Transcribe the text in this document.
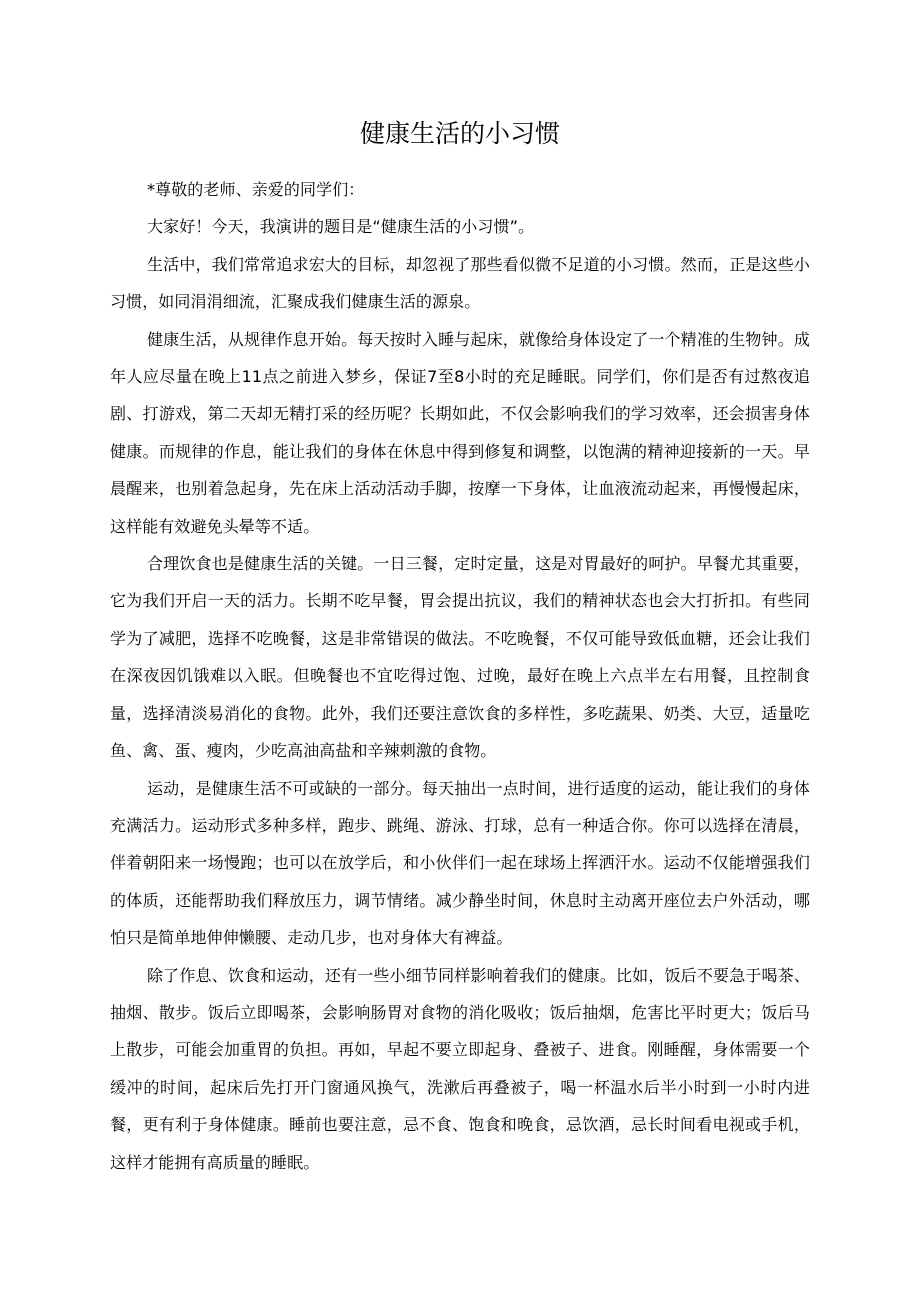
健康生活的小习惯

*尊敬的老师、亲爱的同学们：

大家好！今天，我演讲的题目是“健康生活的小习惯”。

生活中，我们常常追求宏大的目标，却忽视了那些看似微不足道的小习惯。然而，正是这些小习惯，如同涓涓细流，汇聚成我们健康生活的源泉。

健康生活，从规律作息开始。每天按时入睡与起床，就像给身体设定了一个精准的生物钟。成年人应尽量在晚上11点之前进入梦乡，保证7至8小时的充足睡眠。同学们，你们是否有过熬夜追剧、打游戏，第二天却无精打采的经历呢？长期如此，不仅会影响我们的学习效率，还会损害身体健康。而规律的作息，能让我们的身体在休息中得到修复和调整，以饱满的精神迎接新的一天。早晨醒来，也别着急起身，先在床上活动活动手脚，按摩一下身体，让血液流动起来，再慢慢起床，这样能有效避免头晕等不适。

合理饮食也是健康生活的关键。一日三餐，定时定量，这是对胃最好的呵护。早餐尤其重要，它为我们开启一天的活力。长期不吃早餐，胃会提出抗议，我们的精神状态也会大打折扣。有些同学为了减肥，选择不吃晚餐，这是非常错误的做法。不吃晚餐，不仅可能导致低血糖，还会让我们在深夜因饥饿难以入眠。但晚餐也不宜吃得过饱、过晚，最好在晚上六点半左右用餐，且控制食量，选择清淡易消化的食物。此外，我们还要注意饮食的多样性，多吃蔬果、奶类、大豆，适量吃鱼、禽、蛋、瘦肉，少吃高油高盐和辛辣刺激的食物。

运动，是健康生活不可或缺的一部分。每天抽出一点时间，进行适度的运动，能让我们的身体充满活力。运动形式多种多样，跑步、跳绳、游泳、打球，总有一种适合你。你可以选择在清晨，伴着朝阳来一场慢跑；也可以在放学后，和小伙伴们一起在球场上挥洒汗水。运动不仅能增强我们的体质，还能帮助我们释放压力，调节情绪。减少静坐时间，休息时主动离开座位去户外活动，哪怕只是简单地伸伸懒腰、走动几步，也对身体大有裨益。

除了作息、饮食和运动，还有一些小细节同样影响着我们的健康。比如，饭后不要急于喝茶、抽烟、散步。饭后立即喝茶，会影响肠胃对食物的消化吸收；饭后抽烟，危害比平时更大；饭后马上散步，可能会加重胃的负担。再如，早起不要立即起身、叠被子、进食。刚睡醒，身体需要一个缓冲的时间，起床后先打开门窗通风换气，洗漱后再叠被子，喝一杯温水后半小时到一小时内进餐，更有利于身体健康。睡前也要注意，忌不食、饱食和晚食，忌饮酒，忌长时间看电视或手机，这样才能拥有高质量的睡眠。
